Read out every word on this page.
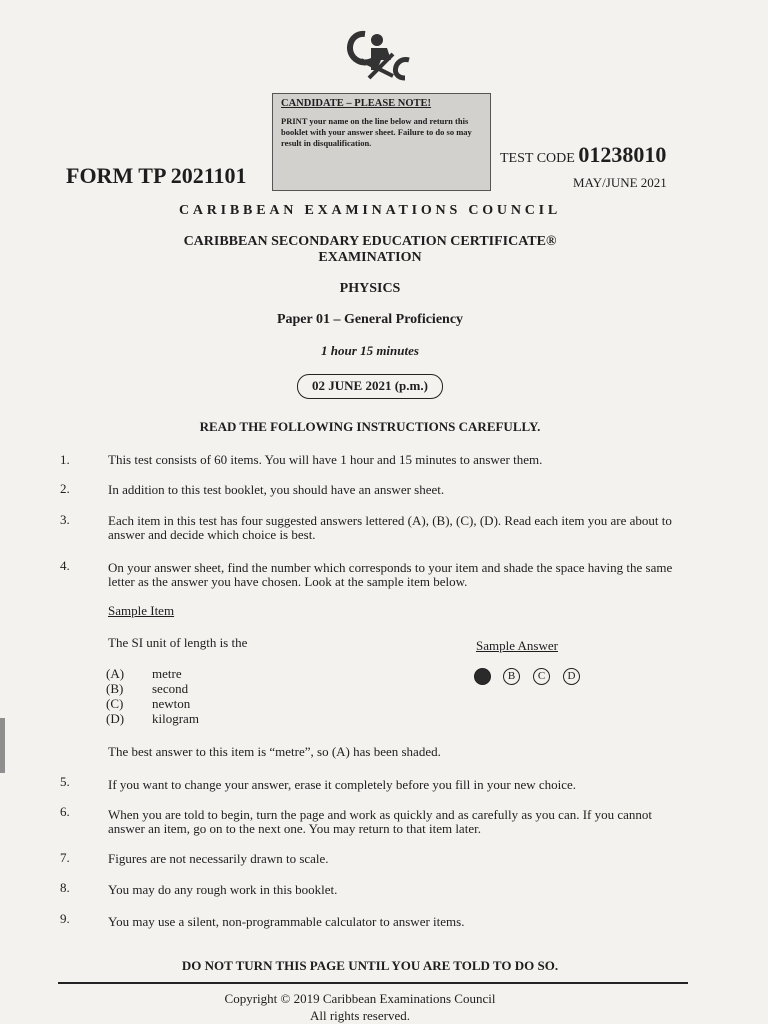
CANDIDATE – PLEASE NOTE!
PRINT your name on the line below and return this booklet with your answer sheet. Failure to do so may result in disqualification.
FORM TP 2021101
TEST CODE 01238010
MAY/JUNE 2021
CARIBBEAN EXAMINATIONS COUNCIL
CARIBBEAN SECONDARY EDUCATION CERTIFICATE®
EXAMINATION
PHYSICS
Paper 01 – General Proficiency
1 hour 15 minutes
02 JUNE 2021 (p.m.)
READ THE FOLLOWING INSTRUCTIONS CAREFULLY.
1.	This test consists of 60 items. You will have 1 hour and 15 minutes to answer them.
2.	In addition to this test booklet, you should have an answer sheet.
3.	Each item in this test has four suggested answers lettered (A), (B), (C), (D). Read each item you are about to answer and decide which choice is best.
4.	On your answer sheet, find the number which corresponds to your item and shade the space having the same letter as the answer you have chosen. Look at the sample item below.
Sample Item
The SI unit of length is the	Sample Answer
(A) metre
(B) second
(C) newton
(D) kilogram
B	C	D
The best answer to this item is “metre”, so (A) has been shaded.
5.	If you want to change your answer, erase it completely before you fill in your new choice.
6.	When you are told to begin, turn the page and work as quickly and as carefully as you can. If you cannot answer an item, go on to the next one. You may return to that item later.
7.	Figures are not necessarily drawn to scale.
8.	You may do any rough work in this booklet.
9.	You may use a silent, non-programmable calculator to answer items.
DO NOT TURN THIS PAGE UNTIL YOU ARE TOLD TO DO SO.
Copyright © 2019 Caribbean Examinations Council
All rights reserved.
